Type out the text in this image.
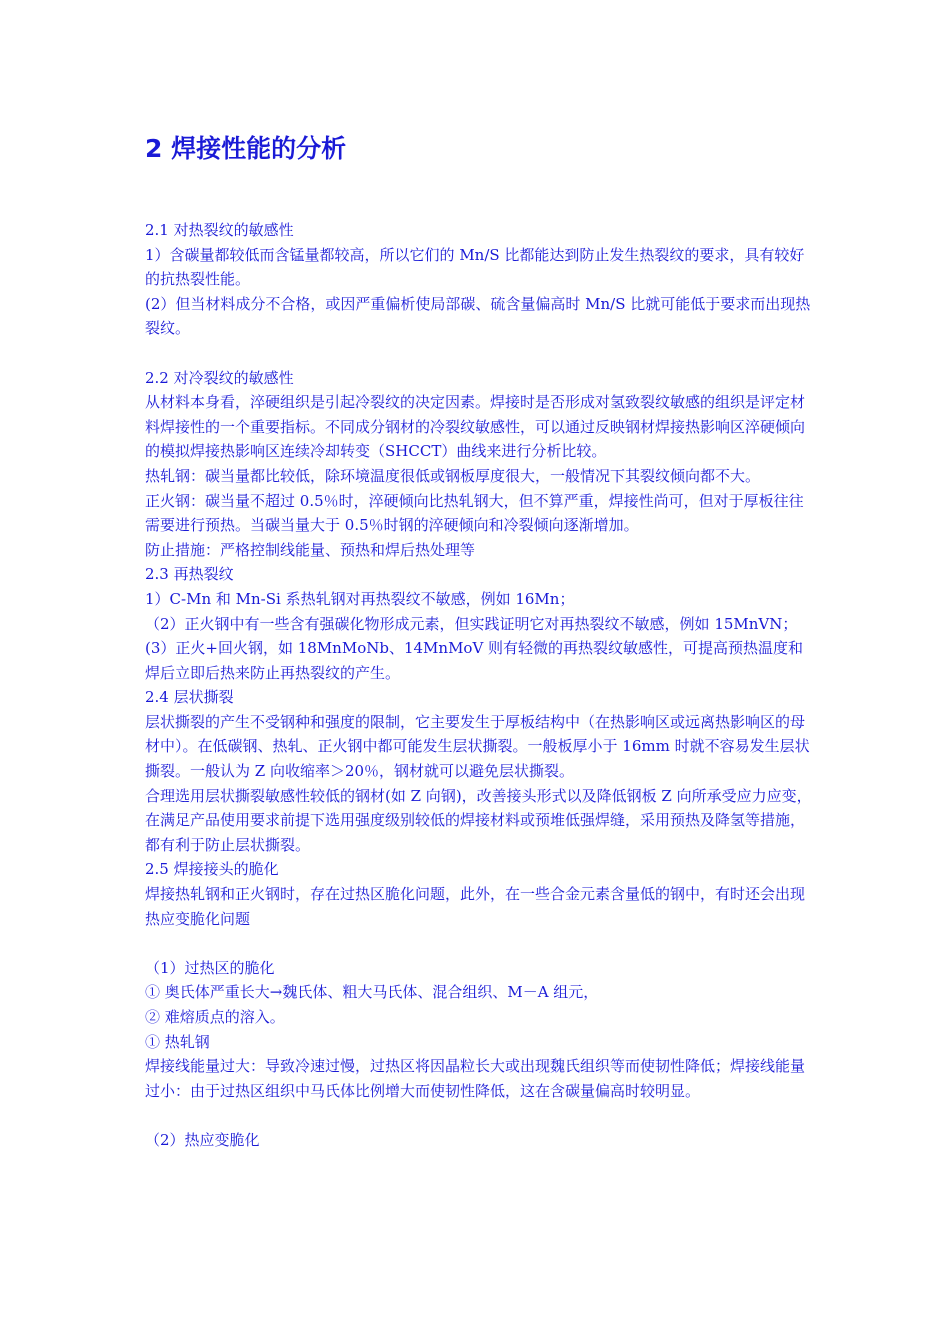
2 焊接性能的分析

2.1 对热裂纹的敏感性

1）含碳量都较低而含锰量都较高，所以它们的 Mn/S 比都能达到防止发生热裂纹的要求，具有较好的抗热裂性能。

(2）但当材料成分不合格，或因严重偏析使局部碳、硫含量偏高时 Mn/S 比就可能低于要求而出现热裂纹。

2.2 对冷裂纹的敏感性

从材料本身看，淬硬组织是引起冷裂纹的决定因素。焊接时是否形成对氢致裂纹敏感的组织是评定材料焊接性的一个重要指标。不同成分钢材的冷裂纹敏感性，可以通过反映钢材焊接热影响区淬硬倾向的模拟焊接热影响区连续冷却转变（SHCCT）曲线来进行分析比较。

热轧钢：碳当量都比较低，除环境温度很低或钢板厚度很大，一般情况下其裂纹倾向都不大。

正火钢：碳当量不超过 0.5％时，淬硬倾向比热轧钢大，但不算严重，焊接性尚可，但对于厚板往往需要进行预热。当碳当量大于 0.5％时钢的淬硬倾向和冷裂倾向逐渐增加。

防止措施：严格控制线能量、预热和焊后热处理等

2.3 再热裂纹

1）C-Mn 和 Mn-Si 系热轧钢对再热裂纹不敏感，例如 16Mn；

（2）正火钢中有一些含有强碳化物形成元素，但实践证明它对再热裂纹不敏感，例如 15MnVN；

(3）正火+回火钢，如 18MnMoNb、14MnMoV 则有轻微的再热裂纹敏感性，可提高预热温度和焊后立即后热来防止再热裂纹的产生。

2.4 层状撕裂

层状撕裂的产生不受钢种和强度的限制，它主要发生于厚板结构中（在热影响区或远离热影响区的母材中）。在低碳钢、热轧、正火钢中都可能发生层状撕裂。一般板厚小于 16mm 时就不容易发生层状撕裂。一般认为 Z 向收缩率＞20％，钢材就可以避免层状撕裂。

合理选用层状撕裂敏感性较低的钢材(如 Z 向钢)，改善接头形式以及降低钢板 Z 向所承受应力应变，在满足产品使用要求前提下选用强度级别较低的焊接材料或预堆低强焊缝，采用预热及降氢等措施，都有利于防止层状撕裂。

2.5 焊接接头的脆化

焊接热轧钢和正火钢时，存在过热区脆化问题，此外，在一些合金元素含量低的钢中，有时还会出现热应变脆化问题

（1）过热区的脆化

① 奥氏体严重长大→魏氏体、粗大马氏体、混合组织、M－A 组元，

② 难熔质点的溶入。

① 热轧钢

焊接线能量过大：导致冷速过慢，过热区将因晶粒长大或出现魏氏组织等而使韧性降低；焊接线能量过小：由于过热区组织中马氏体比例增大而使韧性降低，这在含碳量偏高时较明显。

（2）热应变脆化
